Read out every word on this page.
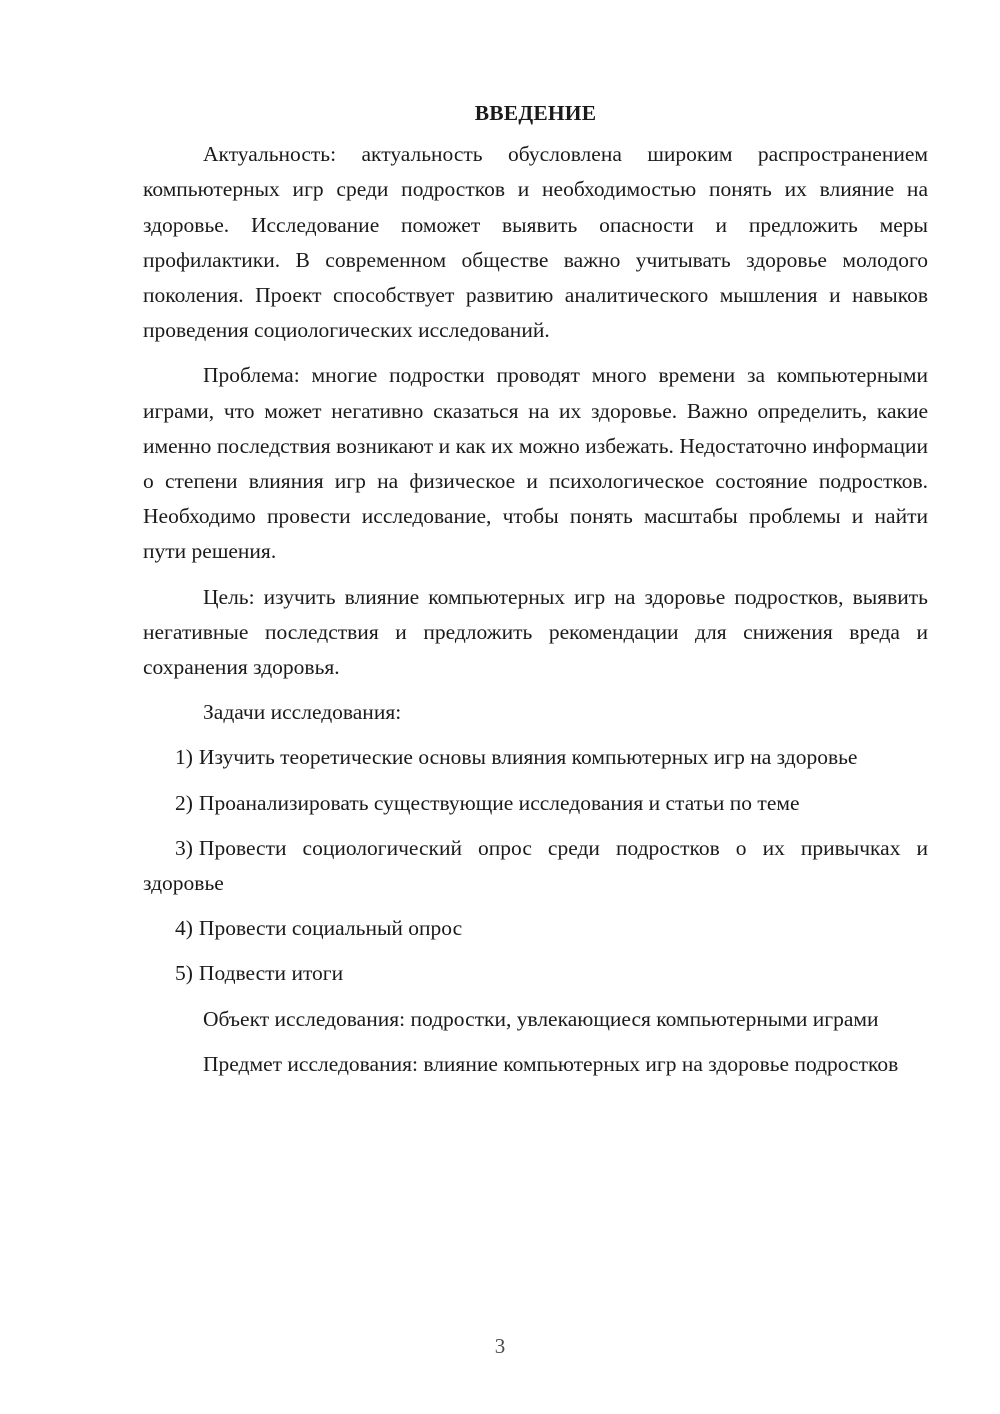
ВВЕДЕНИЕ

Актуальность: актуальность обусловлена широким распространением компьютерных игр среди подростков и необходимостью понять их влияние на здоровье. Исследование поможет выявить опасности и предложить меры профилактики. В современном обществе важно учитывать здоровье молодого поколения. Проект способствует развитию аналитического мышления и навыков проведения социологических исследований.

Проблема: многие подростки проводят много времени за компьютерными играми, что может негативно сказаться на их здоровье. Важно определить, какие именно последствия возникают и как их можно избежать. Недостаточно информации о степени влияния игр на физическое и психологическое состояние подростков. Необходимо провести исследование, чтобы понять масштабы проблемы и найти пути решения.

Цель: изучить влияние компьютерных игр на здоровье подростков, выявить негативные последствия и предложить рекомендации для снижения вреда и сохранения здоровья.

Задачи исследования:

1) Изучить теоретические основы влияния компьютерных игр на здоровье

2) Проанализировать существующие исследования и статьи по теме

3) Провести социологический опрос среди подростков о их привычках и здоровье

4) Провести социальный опрос

5) Подвести итоги

Объект исследования: подростки, увлекающиеся компьютерными играми

Предмет исследования: влияние компьютерных игр на здоровье подростков

3
